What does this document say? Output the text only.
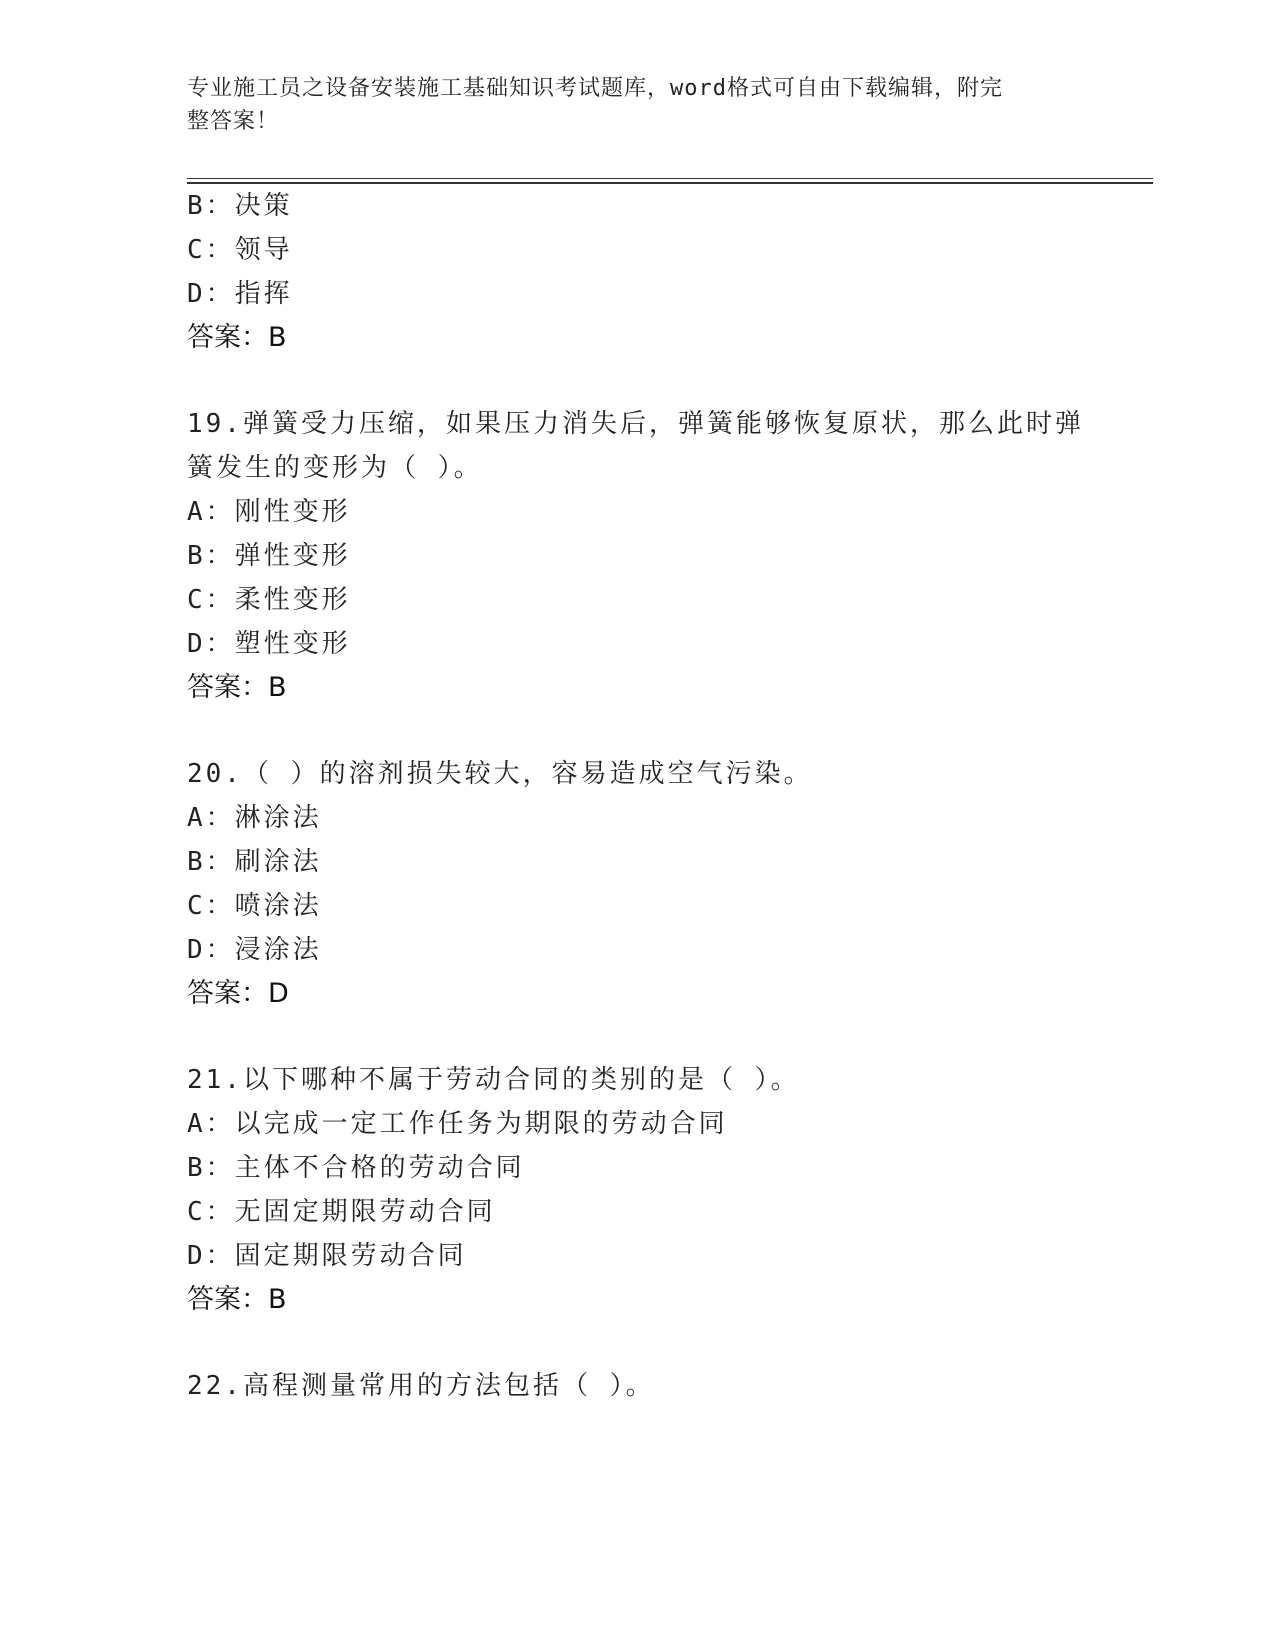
专业施工员之设备安装施工基础知识考试题库，word格式可自由下载编辑，附完
整答案！
B：决策
C：领导
D：指挥
答案：B
19.弹簧受力压缩，如果压力消失后，弹簧能够恢复原状，那么此时弹
簧发生的变形为（ ）。
A：刚性变形
B：弹性变形
C：柔性变形
D：塑性变形
答案：B
20.（ ）的溶剂损失较大，容易造成空气污染。
A：淋涂法
B：刷涂法
C：喷涂法
D：浸涂法
答案：D
21.以下哪种不属于劳动合同的类别的是（ ）。
A：以完成一定工作任务为期限的劳动合同
B：主体不合格的劳动合同
C：无固定期限劳动合同
D：固定期限劳动合同
答案：B
22.高程测量常用的方法包括（ ）。
